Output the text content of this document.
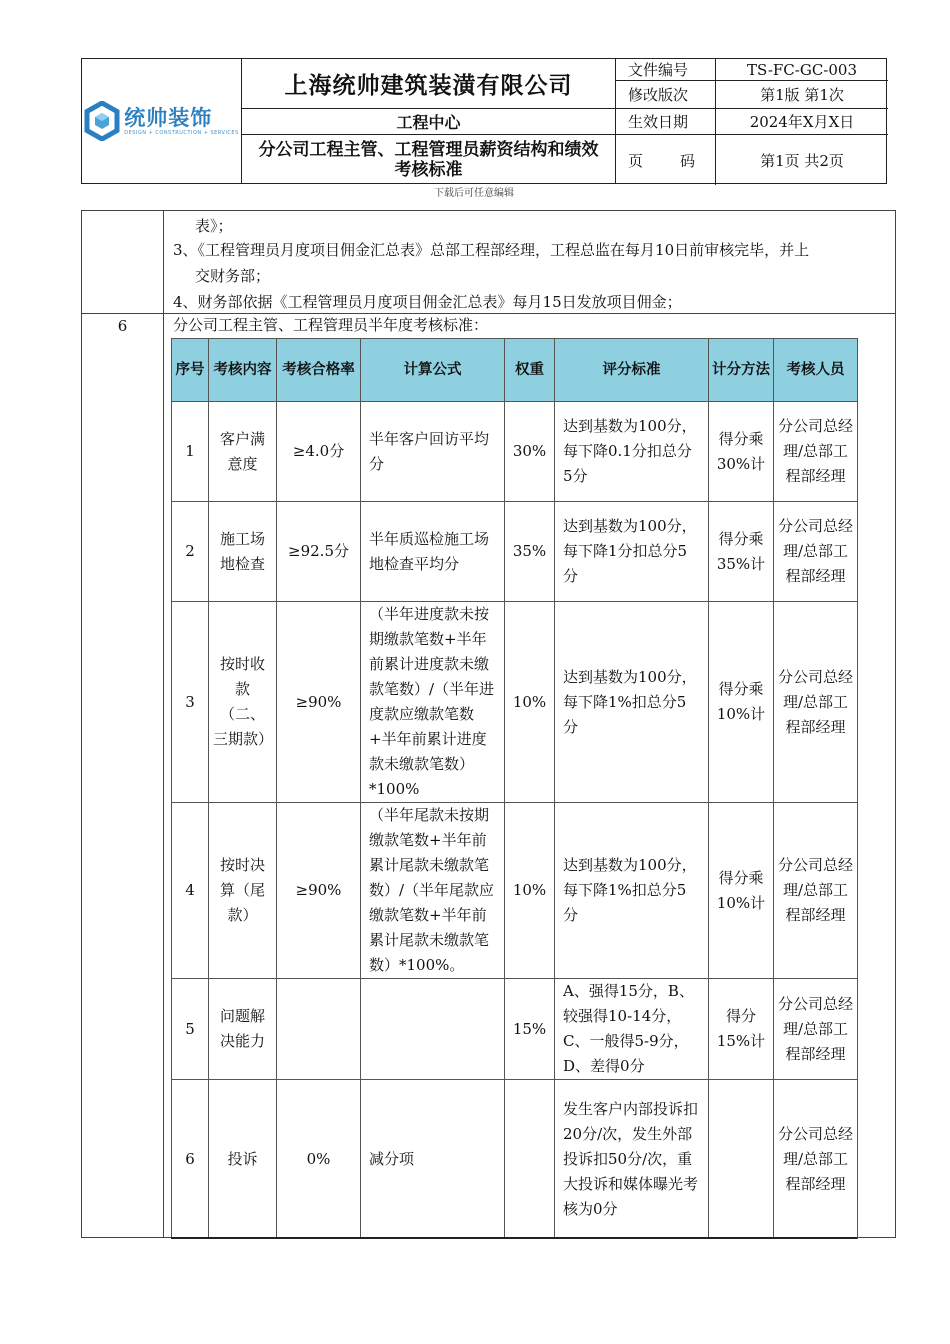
统帅装饰
DESIGN + CONSTRUCTION + SERVICES
上海统帅建筑装潢有限公司
工程中心
分公司工程主管、工程管理员薪资结构和绩效考核标准
文件编号	TS-FC-GC-003
修改版次	第1版 第1次
生效日期	2024年X月X日
页 码	第1页 共2页
下载后可任意编辑
表》；
3、《工程管理员月度项目佣金汇总表》总部工程部经理，工程总监在每月10日前审核完毕，并上
交财务部；
4、财务部依据《工程管理员月度项目佣金汇总表》每月15日发放项目佣金；
6	分公司工程主管、工程管理员半年度考核标准：
序号	考核内容	考核合格率	计算公式	权重	评分标准	计分方法	考核人员
1	客户满意度	≥4.0分	半年客户回访平均分	30%	达到基数为100分，每下降0.1分扣总分5分	得分乘30%计	分公司总经理/总部工程部经理
2	施工场地检查	≥92.5分	半年质巡检施工场地检查平均分	35%	达到基数为100分，每下降1分扣总分5分	得分乘35%计	分公司总经理/总部工程部经理
3	按时收款（二、三期款）	≥90%	（半年进度款未按期缴款笔数+半年前累计进度款未缴款笔数）/（半年进度款应缴款笔数+半年前累计进度款未缴款笔数）*100%	10%	达到基数为100分，每下降1%扣总分5分	得分乘10%计	分公司总经理/总部工程部经理
4	按时决算（尾款）	≥90%	（半年尾款未按期缴款笔数+半年前累计尾款未缴款笔数）/（半年尾款应缴款笔数+半年前累计尾款未缴款笔数）*100%。	10%	达到基数为100分，每下降1%扣总分5分	得分乘10%计	分公司总经理/总部工程部经理
5	问题解决能力			15%	A、强得15分，B、较强得10-14分，C、一般得5-9分，D、差得0分	得分15%计	分公司总经理/总部工程部经理
6	投诉	0%	减分项		发生客户内部投诉扣20分/次，发生外部投诉扣50分/次，重大投诉和媒体曝光考核为0分		分公司总经理/总部工程部经理
